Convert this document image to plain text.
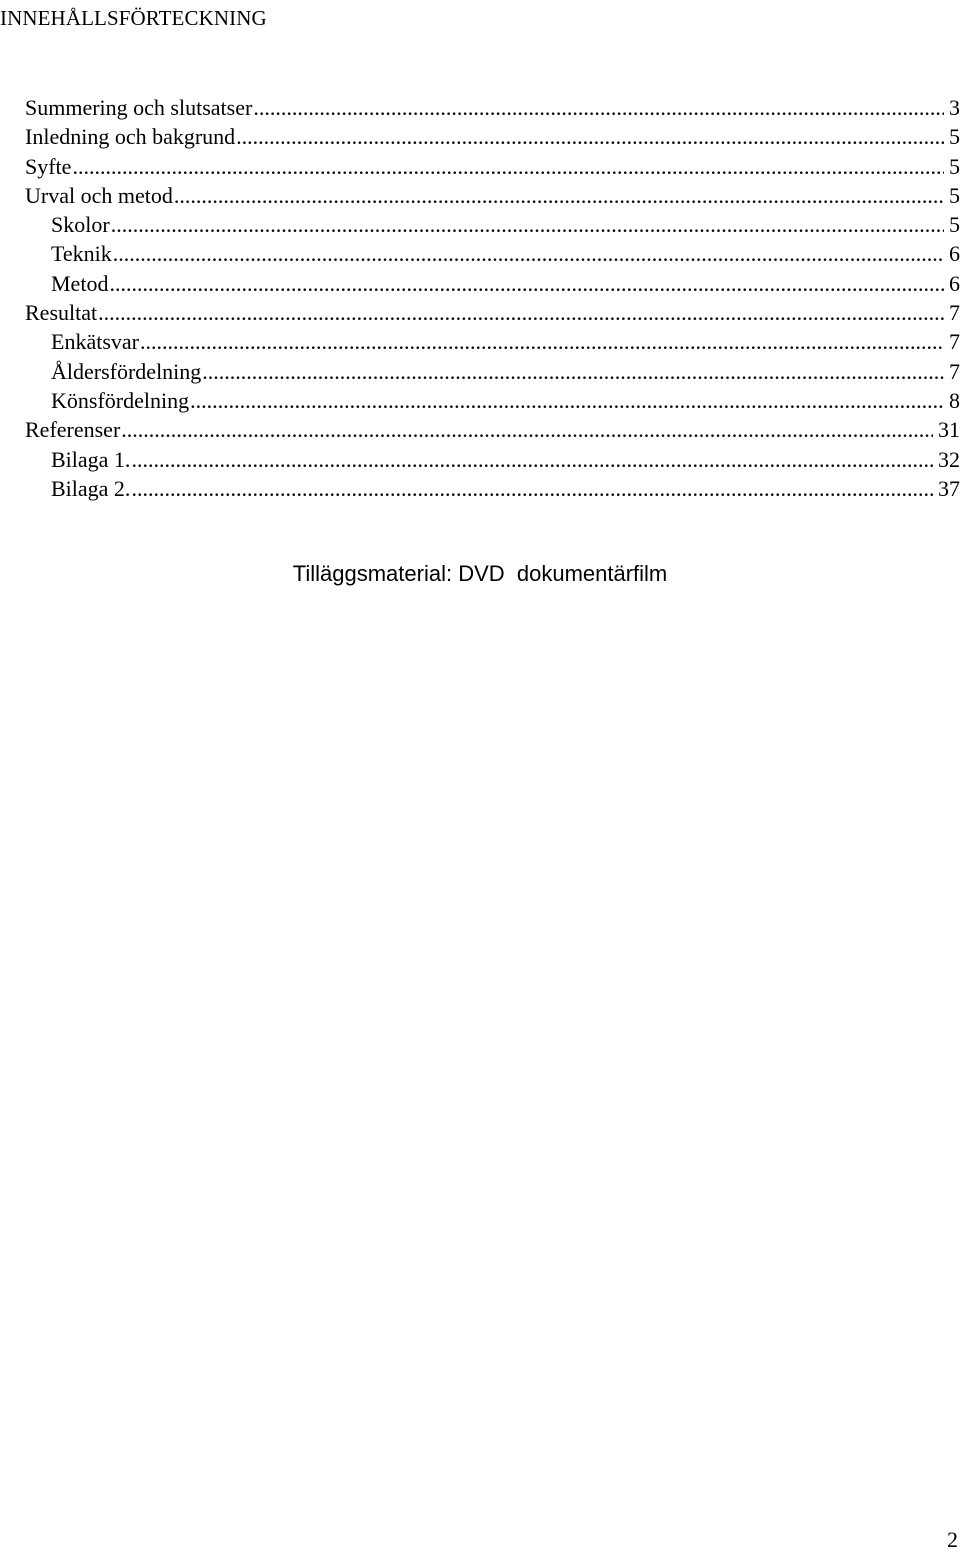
INNEHÅLLSFÖRTECKNING
Summering och slutsatser .....	3
Inledning och bakgrund .....	5
Syfte .....	5
Urval och metod .....	5
Skolor .....	5
Teknik .....	6
Metod .....	6
Resultat .....	7
Enkätsvar .....	7
Åldersfördelning .....	7
Könsfördelning .....	8
Referenser .....	31
Bilaga 1. .....	32
Bilaga 2. .....	37
Tilläggsmaterial: DVD  dokumentärfilm
2
